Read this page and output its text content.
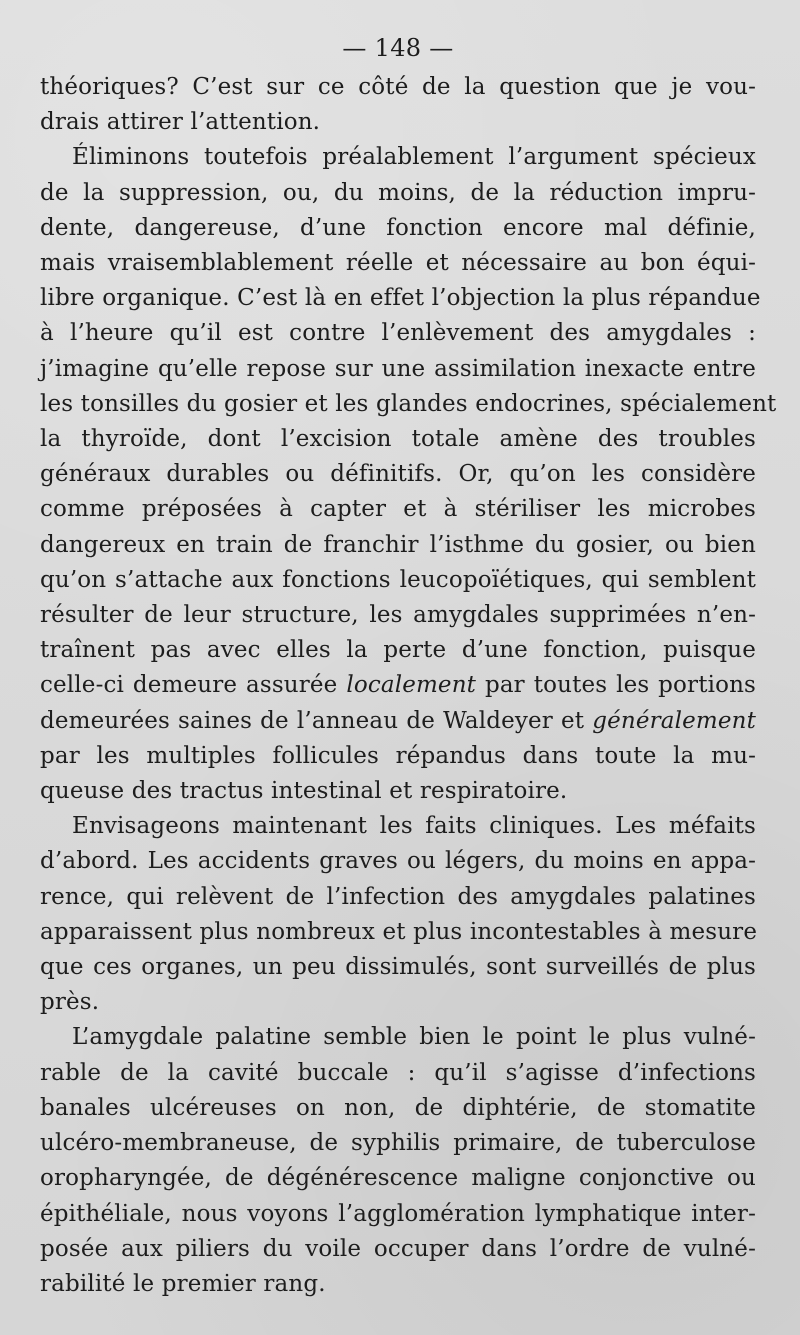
— 148 —

théoriques? C’est sur ce côté de la question que je vou-
drais attirer l’attention.

Éliminons toutefois préalablement l’argument spécieux
de la suppression, ou, du moins, de la réduction impru-
dente, dangereuse, d’une fonction encore mal définie,
mais vraisemblablement réelle et nécessaire au bon équi-
libre organique. C’est là en effet l’objection la plus répandue
à l’heure qu’il est contre l’enlèvement des amygdales :
j’imagine qu’elle repose sur une assimilation inexacte entre
les tonsilles du gosier et les glandes endocrines, spécialement
la thyroïde, dont l’excision totale amène des troubles
généraux durables ou définitifs. Or, qu’on les considère
comme préposées à capter et à stériliser les microbes
dangereux en train de franchir l’isthme du gosier, ou bien
qu’on s’attache aux fonctions leucopoïétiques, qui semblent
résulter de leur structure, les amygdales supprimées n’en-
traînent pas avec elles la perte d’une fonction, puisque
celle-ci demeure assurée localement par toutes les portions
demeurées saines de l’anneau de Waldeyer et généralement
par les multiples follicules répandus dans toute la mu-
queuse des tractus intestinal et respiratoire.

Envisageons maintenant les faits cliniques. Les méfaits
d’abord. Les accidents graves ou légers, du moins en appa-
rence, qui relèvent de l’infection des amygdales palatines
apparaissent plus nombreux et plus incontestables à mesure
que ces organes, un peu dissimulés, sont surveillés de plus
près.

L’amygdale palatine semble bien le point le plus vulné-
rable de la cavité buccale : qu’il s’agisse d’infections
banales ulcéreuses on non, de diphtérie, de stomatite
ulcéro-membraneuse, de syphilis primaire, de tuberculose
oropharyngée, de dégénérescence maligne conjonctive ou
épithéliale, nous voyons l’agglomération lymphatique inter-
posée aux piliers du voile occuper dans l’ordre de vulné-
rabilité le premier rang.
